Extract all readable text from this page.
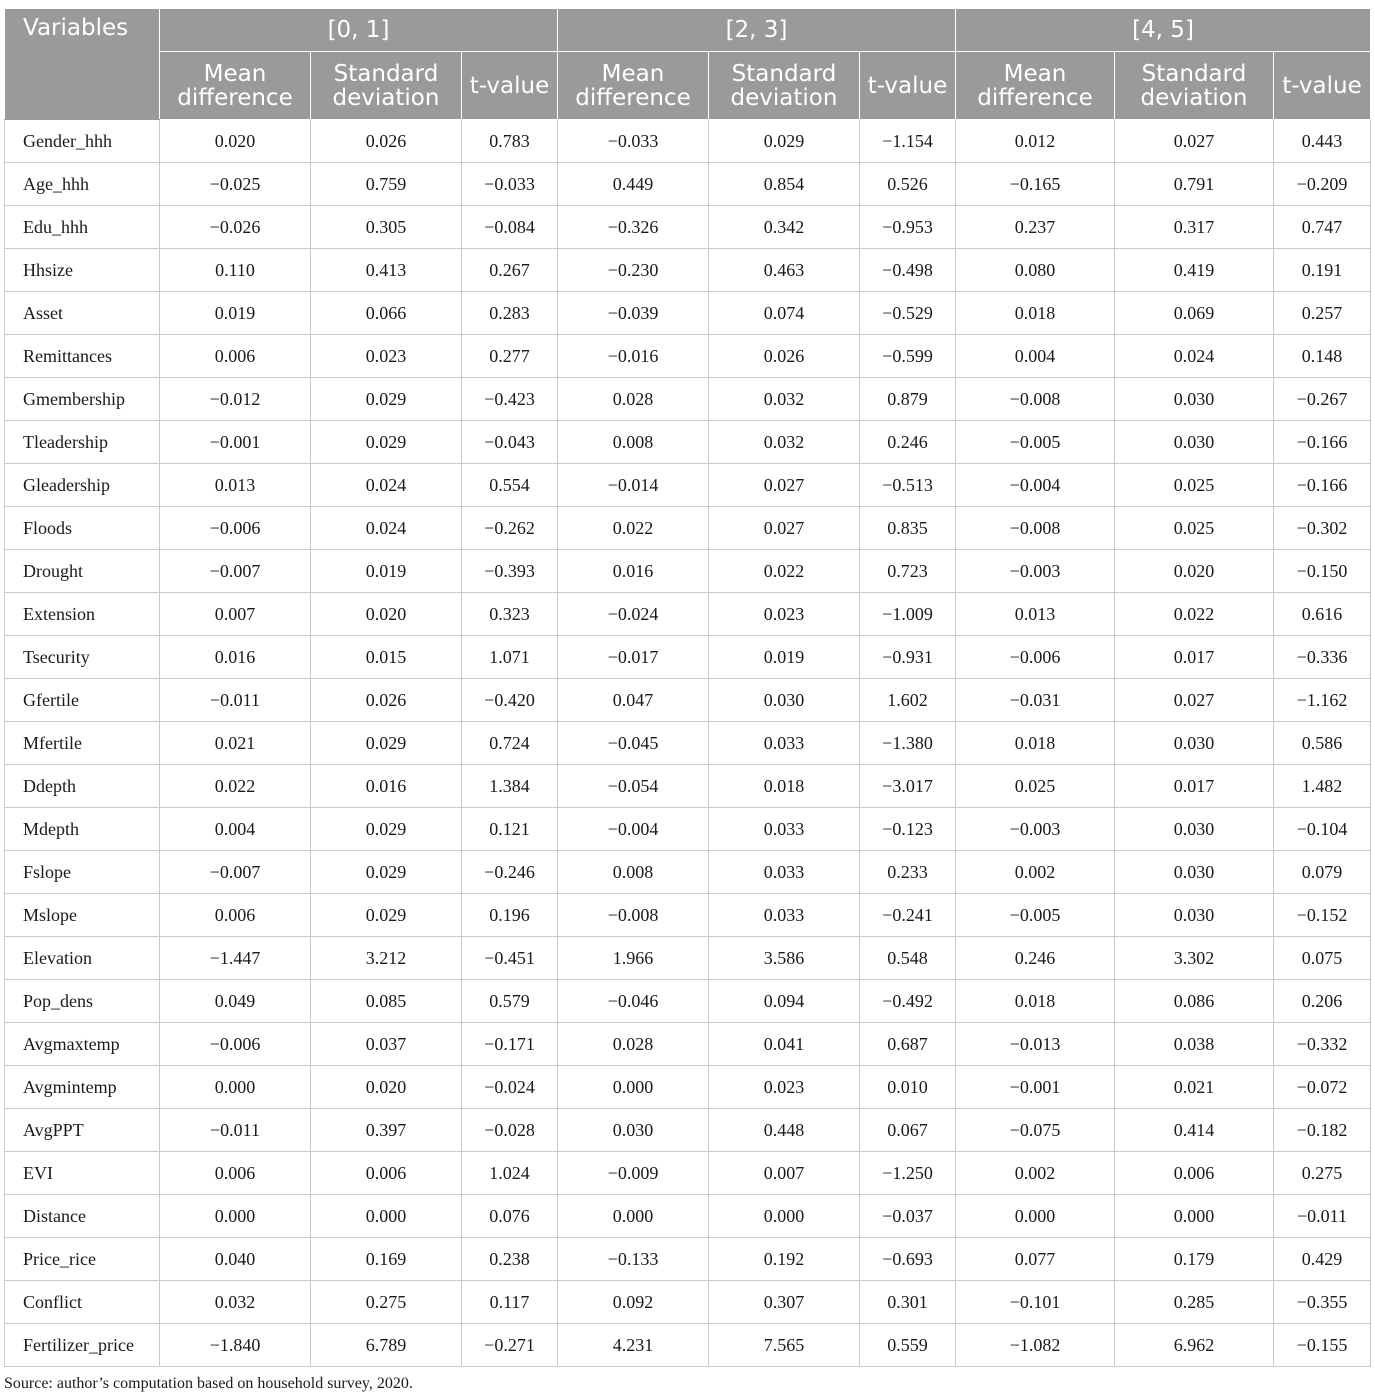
Variables	[0, 1]			[2, 3]			[4, 5]		
	Mean difference	Standard deviation	t-value	Mean difference	Standard deviation	t-value	Mean difference	Standard deviation	t-value
Gender_hhh	0.020	0.026	0.783	−0.033	0.029	−1.154	0.012	0.027	0.443
Age_hhh	−0.025	0.759	−0.033	0.449	0.854	0.526	−0.165	0.791	−0.209
Edu_hhh	−0.026	0.305	−0.084	−0.326	0.342	−0.953	0.237	0.317	0.747
Hhsize	0.110	0.413	0.267	−0.230	0.463	−0.498	0.080	0.419	0.191
Asset	0.019	0.066	0.283	−0.039	0.074	−0.529	0.018	0.069	0.257
Remittances	0.006	0.023	0.277	−0.016	0.026	−0.599	0.004	0.024	0.148
Gmembership	−0.012	0.029	−0.423	0.028	0.032	0.879	−0.008	0.030	−0.267
Tleadership	−0.001	0.029	−0.043	0.008	0.032	0.246	−0.005	0.030	−0.166
Gleadership	0.013	0.024	0.554	−0.014	0.027	−0.513	−0.004	0.025	−0.166
Floods	−0.006	0.024	−0.262	0.022	0.027	0.835	−0.008	0.025	−0.302
Drought	−0.007	0.019	−0.393	0.016	0.022	0.723	−0.003	0.020	−0.150
Extension	0.007	0.020	0.323	−0.024	0.023	−1.009	0.013	0.022	0.616
Tsecurity	0.016	0.015	1.071	−0.017	0.019	−0.931	−0.006	0.017	−0.336
Gfertile	−0.011	0.026	−0.420	0.047	0.030	1.602	−0.031	0.027	−1.162
Mfertile	0.021	0.029	0.724	−0.045	0.033	−1.380	0.018	0.030	0.586
Ddepth	0.022	0.016	1.384	−0.054	0.018	−3.017	0.025	0.017	1.482
Mdepth	0.004	0.029	0.121	−0.004	0.033	−0.123	−0.003	0.030	−0.104
Fslope	−0.007	0.029	−0.246	0.008	0.033	0.233	0.002	0.030	0.079
Mslope	0.006	0.029	0.196	−0.008	0.033	−0.241	−0.005	0.030	−0.152
Elevation	−1.447	3.212	−0.451	1.966	3.586	0.548	0.246	3.302	0.075
Pop_dens	0.049	0.085	0.579	−0.046	0.094	−0.492	0.018	0.086	0.206
Avgmaxtemp	−0.006	0.037	−0.171	0.028	0.041	0.687	−0.013	0.038	−0.332
Avgmintemp	0.000	0.020	−0.024	0.000	0.023	0.010	−0.001	0.021	−0.072
AvgPPT	−0.011	0.397	−0.028	0.030	0.448	0.067	−0.075	0.414	−0.182
EVI	0.006	0.006	1.024	−0.009	0.007	−1.250	0.002	0.006	0.275
Distance	0.000	0.000	0.076	0.000	0.000	−0.037	0.000	0.000	−0.011
Price_rice	0.040	0.169	0.238	−0.133	0.192	−0.693	0.077	0.179	0.429
Conflict	0.032	0.275	0.117	0.092	0.307	0.301	−0.101	0.285	−0.355
Fertilizer_price	−1.840	6.789	−0.271	4.231	7.565	0.559	−1.082	6.962	−0.155
Source: author’s computation based on household survey, 2020.
